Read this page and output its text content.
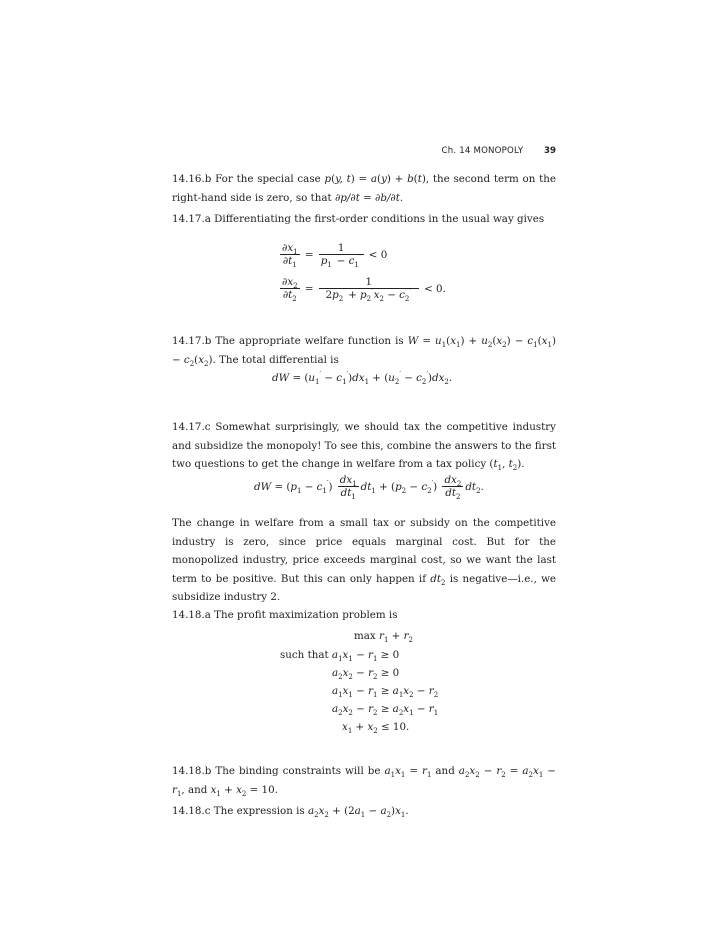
Ch. 14 MONOPOLY 39
14.16.b For the special case p(y, t) = a(y) + b(t), the second term on the right-hand side is zero, so that ∂p/∂t = ∂b/∂t.
14.17.a Differentiating the first-order conditions in the usual way gives
$\frac{\partial x_1}{\partial t_1} = \frac{1}{p_1' - c_1''} < 0$
$\frac{\partial x_2}{\partial t_2} = \frac{1}{2p_2' + p_2''x_2 - c_2''} < 0$.
14.17.b The appropriate welfare function is $W = u_1(x_1) + u_2(x_2) - c_1(x_1) - c_2(x_2)$. The total differential is
dW = $(u_1' - c_1')dx_1 + (u_2' - c_2')dx_2$.
14.17.c Somewhat surprisingly, we should tax the competitive industry and subsidize the monopoly! To see this, combine the answers to the first two questions to get the change in welfare from a tax policy ($t_1$, $t_2$).
dW = $(p_1 - c_1') \frac{dx_1}{dt_1} dt_1 + (p_2 - c_2') \frac{dx_2}{dt_2} dt_2$.
The change in welfare from a small tax or subsidy on the competitive industry is zero, since price equals marginal cost. But for the monopolized industry, price exceeds marginal cost, so we want the last term to be positive. But this can only happen if $dt_2$ is negative—i.e., we subsidize industry 2.
14.18.a The profit maximization problem is
$\max r_1 + r_2$
such that $a_1x_1 - r_1 \ge 0$
$a_2x_2 - r_2 \ge 0$
$a_1x_1 - r_1 \ge a_1x_2 - r_2$
$a_2x_2 - r_2 \ge a_2x_1 - r_1$
$x_1 + x_2 \le 10$.
14.18.b The binding constraints will be $a_1x_1 = r_1$ and $a_2x_2 - r_2 = a_2x_1 - r_1$, and $x_1 + x_2 = 10$.
14.18.c The expression is $a_2x_2 + (2a_1 - a_2)x_1$.
